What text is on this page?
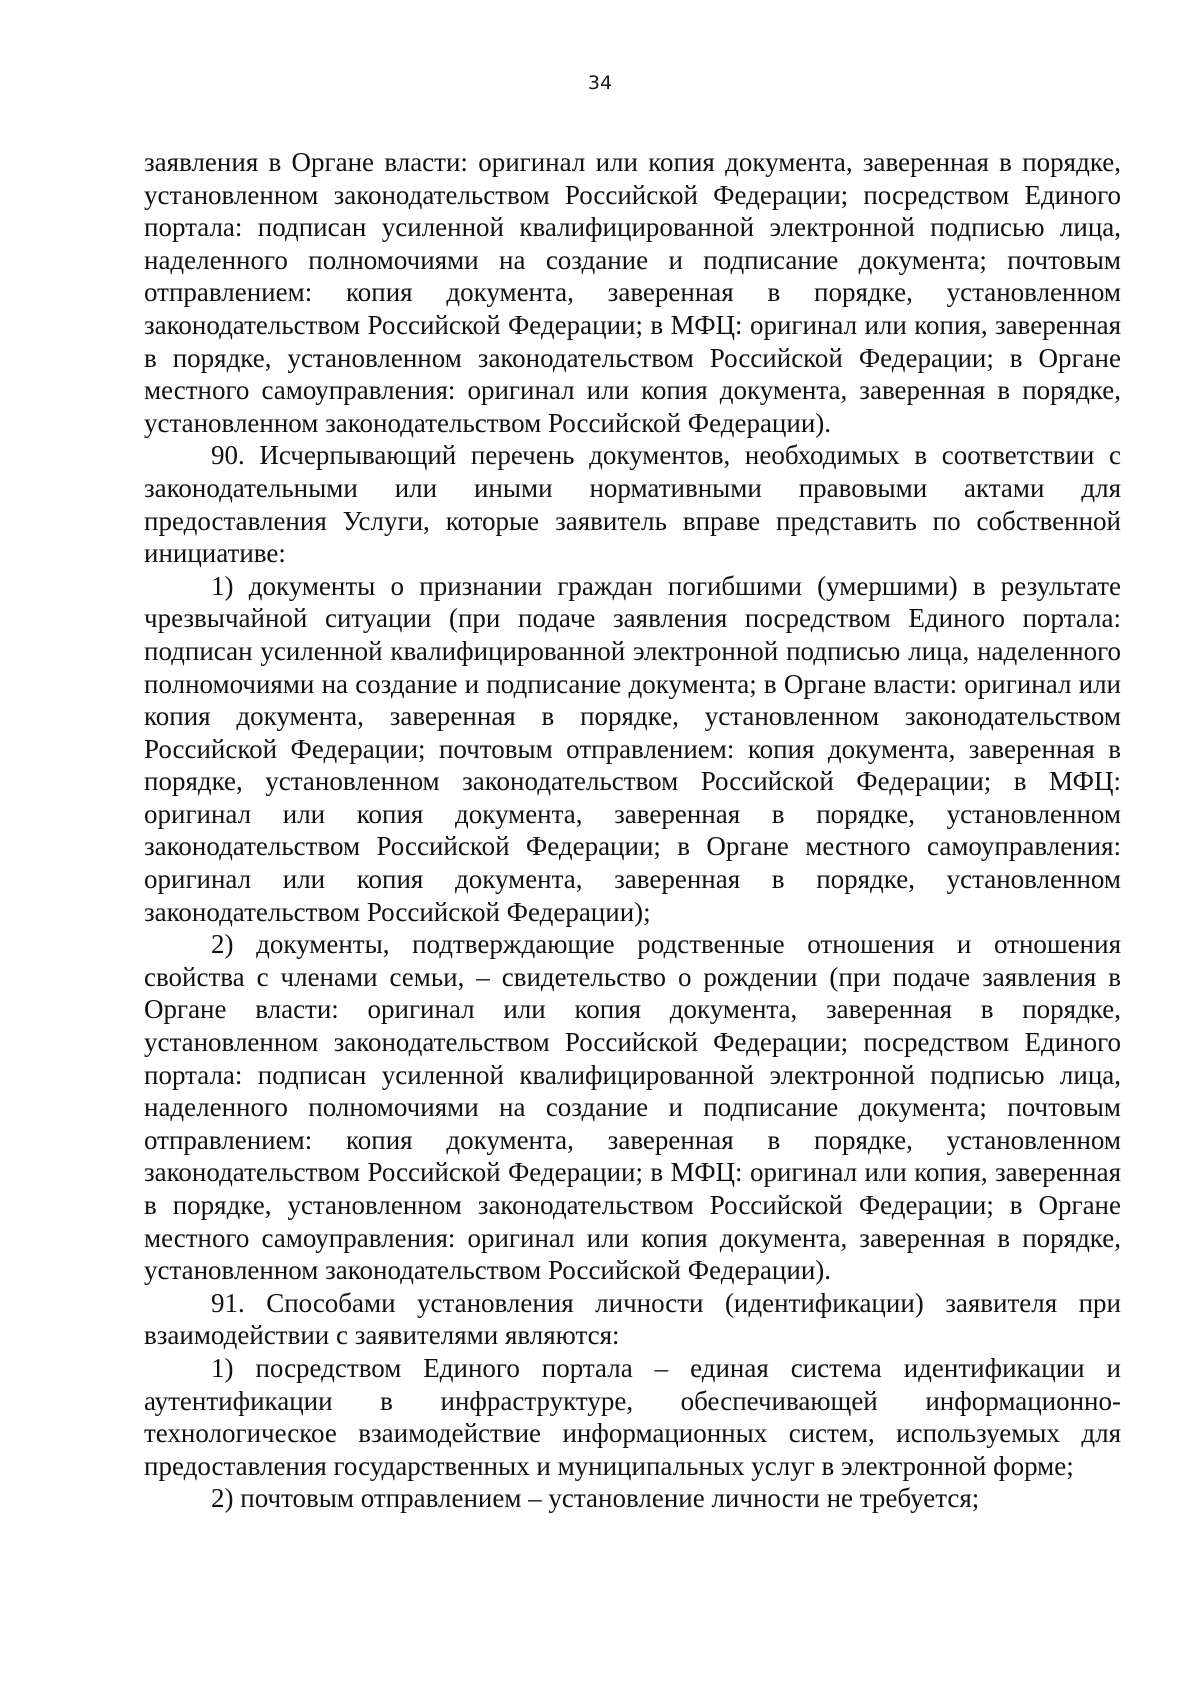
34

заявления в Органе власти: оригинал или копия документа, заверенная в порядке, установленном законодательством Российской Федерации; посредством Единого портала: подписан усиленной квалифицированной электронной подписью лица, наделенного полномочиями на создание и подписание документа; почтовым отправлением: копия документа, заверенная в порядке, установленном законодательством Российской Федерации; в МФЦ: оригинал или копия, заверенная в порядке, установленном законодательством Российской Федерации; в Органе местного самоуправления: оригинал или копия документа, заверенная в порядке, установленном законодательством Российской Федерации).

90. Исчерпывающий перечень документов, необходимых в соответствии с законодательными или иными нормативными правовыми актами для предоставления Услуги, которые заявитель вправе представить по собственной инициативе:

1) документы о признании граждан погибшими (умершими) в результате чрезвычайной ситуации (при подаче заявления посредством Единого портала: подписан усиленной квалифицированной электронной подписью лица, наделенного полномочиями на создание и подписание документа; в Органе власти: оригинал или копия документа, заверенная в порядке, установленном законодательством Российской Федерации; почтовым отправлением: копия документа, заверенная в порядке, установленном законодательством Российской Федерации; в МФЦ: оригинал или копия документа, заверенная в порядке, установленном законодательством Российской Федерации; в Органе местного самоуправления: оригинал или копия документа, заверенная в порядке, установленном законодательством Российской Федерации);

2) документы, подтверждающие родственные отношения и отношения свойства с членами семьи, – свидетельство о рождении (при подаче заявления в Органе власти: оригинал или копия документа, заверенная в порядке, установленном законодательством Российской Федерации; посредством Единого портала: подписан усиленной квалифицированной электронной подписью лица, наделенного полномочиями на создание и подписание документа; почтовым отправлением: копия документа, заверенная в порядке, установленном законодательством Российской Федерации; в МФЦ: оригинал или копия, заверенная в порядке, установленном законодательством Российской Федерации; в Органе местного самоуправления: оригинал или копия документа, заверенная в порядке, установленном законодательством Российской Федерации).

91. Способами установления личности (идентификации) заявителя при взаимодействии с заявителями являются:

1) посредством Единого портала – единая система идентификации и аутентификации в инфраструктуре, обеспечивающей информационно-технологическое взаимодействие информационных систем, используемых для предоставления государственных и муниципальных услуг в электронной форме;

2) почтовым отправлением – установление личности не требуется;
